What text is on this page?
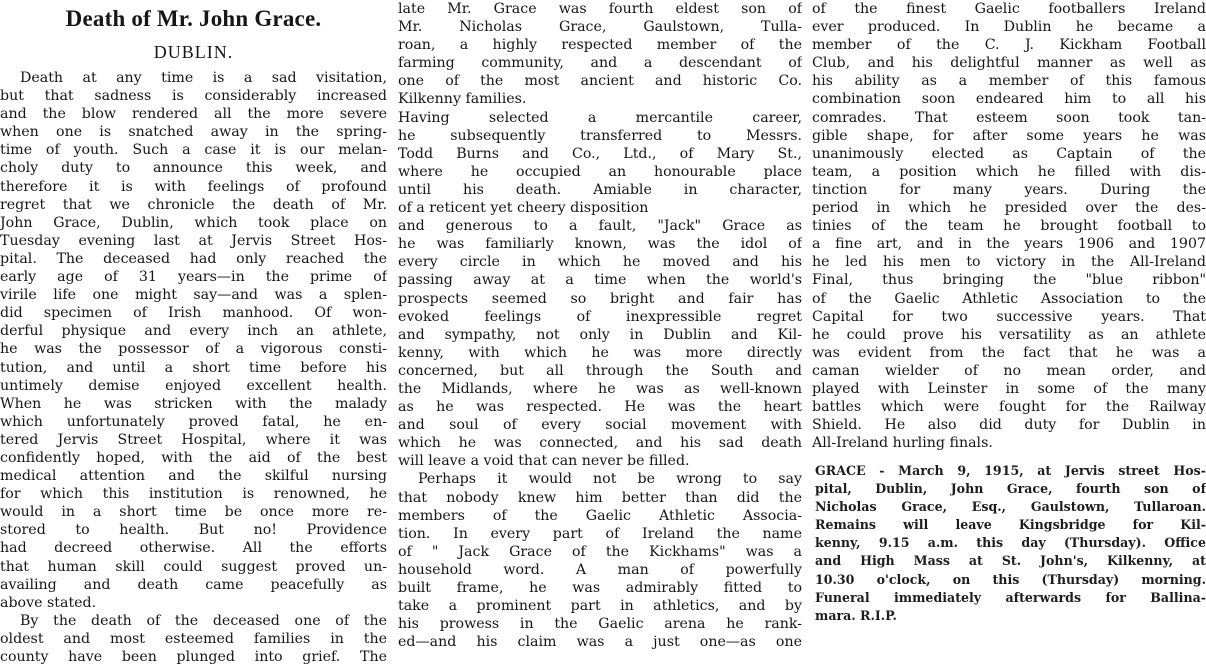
Death of Mr. John Grace.
DUBLIN.
Death at any time is a sad visitation,
but that sadness is considerably increased
and the blow rendered all the more severe
when one is snatched away in the spring-
time of youth. Such a case it is our melan-
choly duty to announce this week, and
therefore it is with feelings of profound
regret that we chronicle the death of Mr.
John Grace, Dublin, which took place on
Tuesday evening last at Jervis Street Hos-
pital. The deceased had only reached the
early age of 31 years—in the prime of
virile life one might say—and was a splen-
did specimen of Irish manhood. Of won-
derful physique and every inch an athlete,
he was the possessor of a vigorous consti-
tution, and until a short time before his
untimely demise enjoyed excellent health.
When he was stricken with the malady
which unfortunately proved fatal, he en-
tered Jervis Street Hospital, where it was
confidently hoped, with the aid of the best
medical attention and the skilful nursing
for which this institution is renowned, he
would in a short time be once more re-
stored to health. But no! Providence
had decreed otherwise. All the efforts
that human skill could suggest proved un-
availing and death came peacefully as
above stated.
By the death of the deceased one of the
oldest and most esteemed families in the
county have been plunged into grief. The
late Mr. Grace was fourth eldest son of
Mr. Nicholas Grace, Gaulstown, Tulla-
roan, a highly respected member of the
farming community, and a descendant of
one of the most ancient and historic Co.
Kilkenny families.
Having selected a mercantile career,
he subsequently transferred to Messrs.
Todd Burns and Co., Ltd., of Mary St.,
where he occupied an honourable place
until his death. Amiable in character,
of a reticent yet cheery disposition
and generous to a fault, "Jack" Grace as
he was familiarly known, was the idol of
every circle in which he moved and his
passing away at a time when the world's
prospects seemed so bright and fair has
evoked feelings of inexpressible regret
and sympathy, not only in Dublin and Kil-
kenny, with which he was more directly
concerned, but all through the South and
the Midlands, where he was as well-known
as he was respected. He was the heart
and soul of every social movement with
which he was connected, and his sad death
will leave a void that can never be filled.
Perhaps it would not be wrong to say
that nobody knew him better than did the
members of the Gaelic Athletic Associa-
tion. In every part of Ireland the name
of " Jack Grace of the Kickhams" was a
household word. A man of powerfully
built frame, he was admirably fitted to
take a prominent part in athletics, and by
his prowess in the Gaelic arena he rank-
ed—and his claim was a just one—as one
of the finest Gaelic footballers Ireland
ever produced. In Dublin he became a
member of the C. J. Kickham Football
Club, and his delightful manner as well as
his ability as a member of this famous
combination soon endeared him to all his
comrades. That esteem soon took tan-
gible shape, for after some years he was
unanimously elected as Captain of the
team, a position which he filled with dis-
tinction for many years. During the
period in which he presided over the des-
tinies of the team he brought football to
a fine art, and in the years 1906 and 1907
he led his men to victory in the All-Ireland
Final, thus bringing the "blue ribbon"
of the Gaelic Athletic Association to the
Capital for two successive years. That
he could prove his versatility as an athlete
was evident from the fact that he was a
caman wielder of no mean order, and
played with Leinster in some of the many
battles which were fought for the Railway
Shield. He also did duty for Dublin in
All-Ireland hurling finals.
GRACE - March 9, 1915, at Jervis street Hos-
pital, Dublin, John Grace, fourth son of
Nicholas Grace, Esq., Gaulstown, Tullaroan.
Remains will leave Kingsbridge for Kil-
kenny, 9.15 a.m. this day (Thursday). Office
and High Mass at St. John's, Kilkenny, at
10.30 o'clock, on this (Thursday) morning.
Funeral immediately afterwards for Ballina-
mara. R.I.P.
